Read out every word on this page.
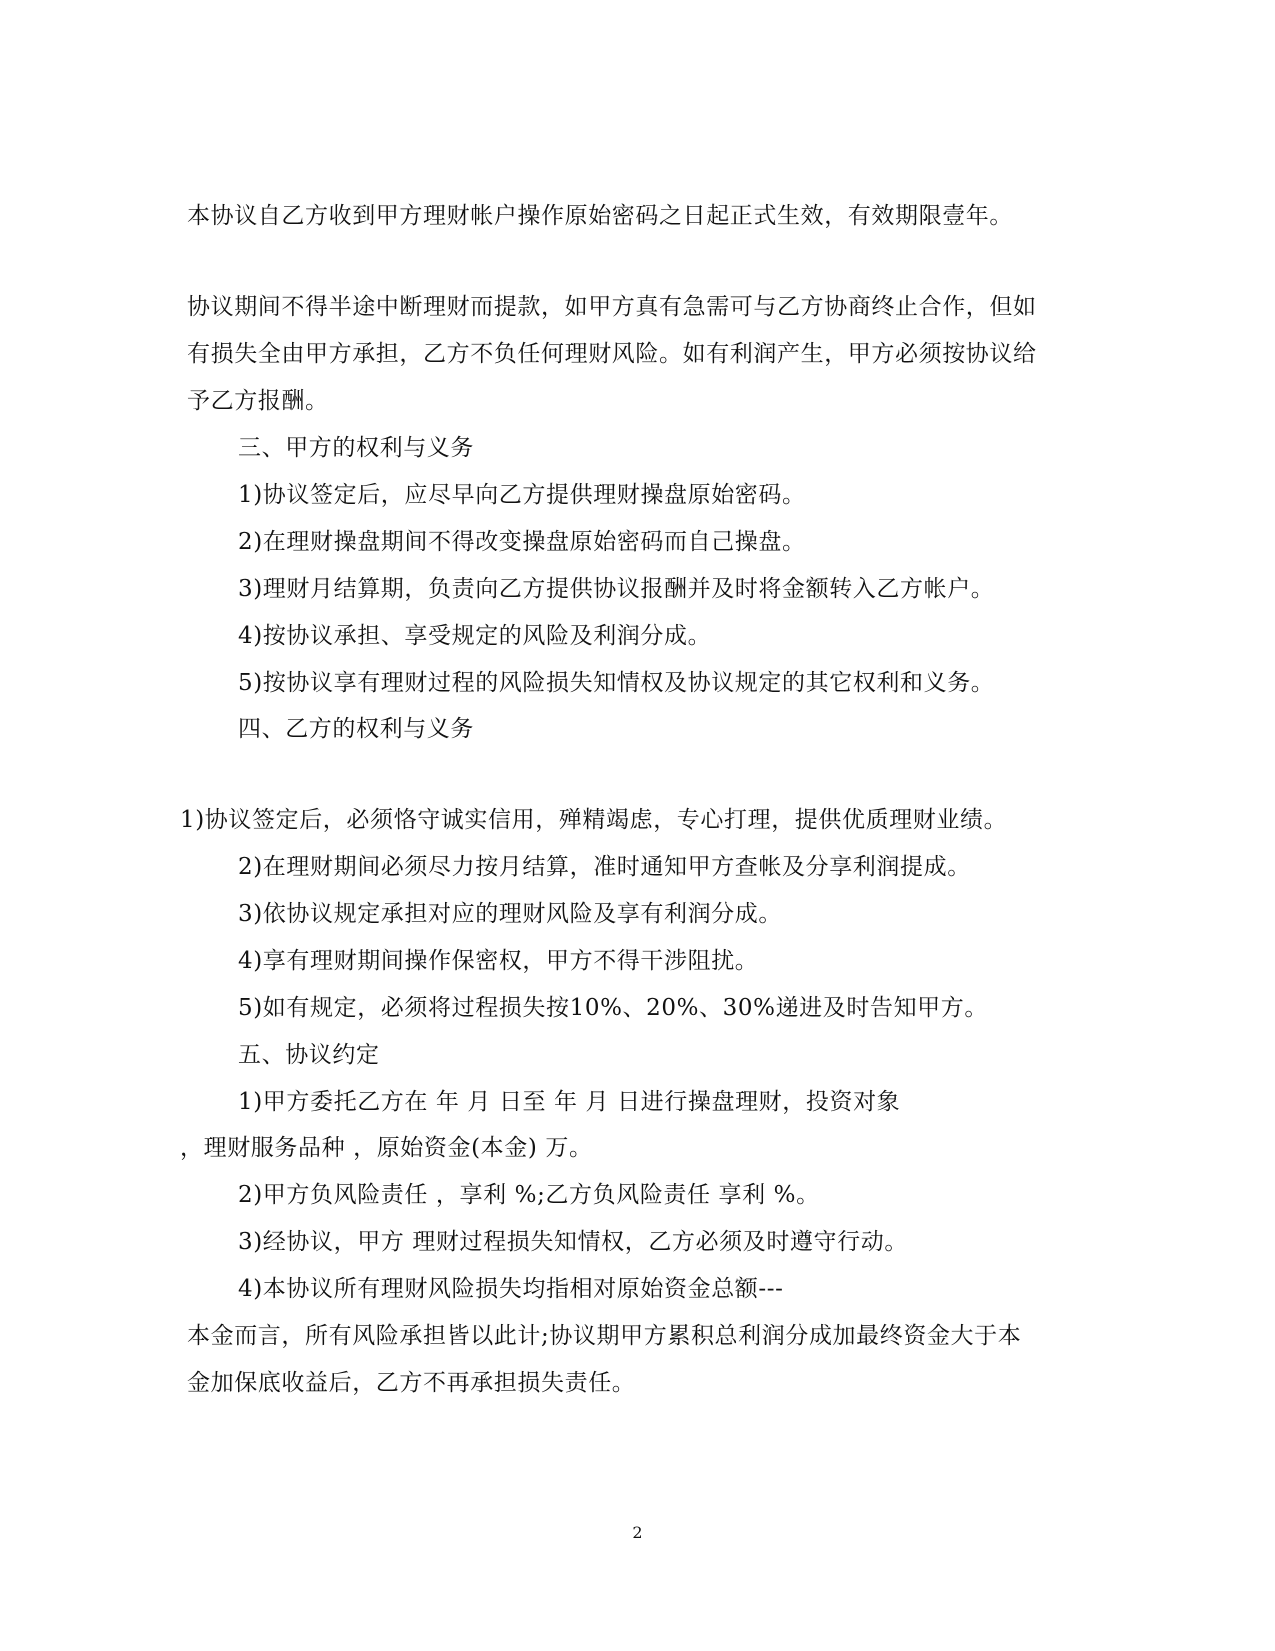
本协议自乙方收到甲方理财帐户操作原始密码之日起正式生效，有效期限壹年。
协议期间不得半途中断理财而提款，如甲方真有急需可与乙方协商终止合作，但如
有损失全由甲方承担，乙方不负任何理财风险。如有利润产生，甲方必须按协议给
予乙方报酬。
三、甲方的权利与义务
1)协议签定后，应尽早向乙方提供理财操盘原始密码。
2)在理财操盘期间不得改变操盘原始密码而自己操盘。
3)理财月结算期，负责向乙方提供协议报酬并及时将金额转入乙方帐户。
4)按协议承担、享受规定的风险及利润分成。
5)按协议享有理财过程的风险损失知情权及协议规定的其它权利和义务。
四、乙方的权利与义务
1)协议签定后，必须恪守诚实信用，殚精竭虑，专心打理，提供优质理财业绩。
2)在理财期间必须尽力按月结算，准时通知甲方查帐及分享利润提成。
3)依协议规定承担对应的理财风险及享有利润分成。
4)享有理财期间操作保密权，甲方不得干涉阻扰。
5)如有规定，必须将过程损失按10%、20%、30%递进及时告知甲方。
五、协议约定
1)甲方委托乙方在 年 月 日至 年 月 日进行操盘理财，投资对象
，理财服务品种 ，原始资金(本金) 万。
2)甲方负风险责任 ，享利 %;乙方负风险责任 享利 %。
3)经协议，甲方 理财过程损失知情权，乙方必须及时遵守行动。
4)本协议所有理财风险损失均指相对原始资金总额---
本金而言，所有风险承担皆以此计;协议期甲方累积总利润分成加最终资金大于本
金加保底收益后，乙方不再承担损失责任。
2
